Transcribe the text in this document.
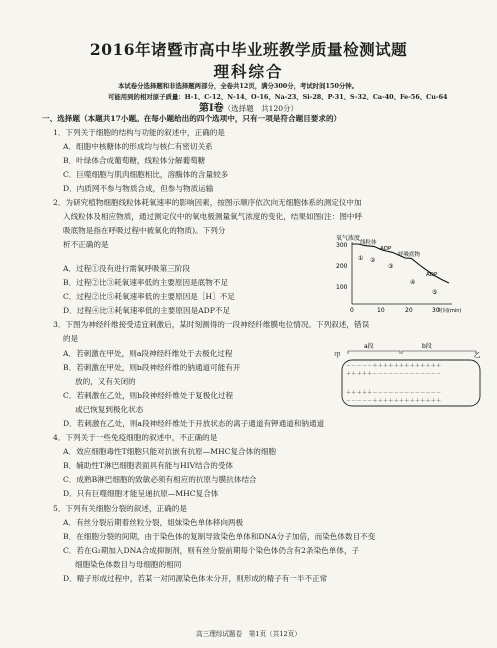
2016年诸暨市高中毕业班教学质量检测试题
理科综合
本试卷分选择题和非选择题两部分，全卷共12页，满分300分，考试时间150分钟。
可能用到的相对原子质量：H-1、C-12、N-14、O-16、Na-23、Si-28、P-31、S-32、Ca-40、Fe-56、Cu-64
第Ⅰ卷（选择题　共120分）
一、选择题（本题共17小题。在每小题给出的四个选项中，只有一项是符合题目要求的）
1．下列关于细胞的结构与功能的叙述中，正确的是
A．组胞中核糖体的形成均与核仁有密切关系
B．叶绿体合成葡萄糖，线粒体分解葡萄糖
C．巨噬细胞与肌肉细胞相比，溶酶体的含量较多
D．内质网不参与物质合成，但参与物质运输
2．为研究植物细胞线粒体耗氧速率的影响因素，按图示顺序依次向无细胞体系的测定仪中加
入线粒体及相应物质，通过测定仪中的氧电极测量氧气浓度的变化，结果如图(注：图中呼
吸底物是指在呼吸过程中被氧化的物质)。下列分
析不正确的是
A．过程①没有进行需氧呼吸第三阶段
B．过程②比③耗氧速率低的主要原因是底物不足
C．过程②比⑤耗氧速率低的主要原因是［H］不足
D．过程④比③耗氧速率低的主要原因是ADP不足
氧气浓度
300
200
100
0	10	20	30
时间(min)
线粒体
ADP
呼吸底物
ADP
① ②
③
④
⑤
3．下图为神经纤维接受适宜刺激后，某时刻测得的一段神经纤维膜电位情况。下列叙述，错误
的是
A．若刺激在甲处，则a段神经纤维处于去极化过程
B．若刺激在甲处，则b段神经纤维的钠通道可能有开
放的，又有关闭的
C．若刺激在乙处，则b段神经纤维处于复极化过程
或已恢复到极化状态
D．若刺激在乙处，则a段神经纤维处于开放状态的离子通道有钾通道和钠通道
甲	乙
a段	b段
－－－－－＋＋＋＋＋＋＋＋＋＋＋＋＋
＋＋＋＋＋－－－－－－－－－－－－－
＋＋＋＋＋－－－－－－－－－－－－－
－－－－－＋＋＋＋＋＋＋＋＋＋＋＋＋
4．下列关于一些免疫细胞的叙述中，不正确的是
A．效应细胞毒性T细胞只能对抗嵌有抗原—MHC复合体的细胞
B．辅助性T淋巴细胞表面具有能与HIV结合的受体
C．成熟B淋巴细胞的致敏必须有相应的抗原与膜抗体结合
D．只有巨噬细胞才能呈递抗原—MHC复合体
5．下列有关细胞分裂的叙述，正确的是
A．有丝分裂后期着丝粒分裂，姐妹染色单体移向两极
B．在细胞分裂的间期，由于染色体的复制导致染色单体和DNA分子加倍，而染色体数目不变
C．若在G₂期加入DNA合成抑制剂，则有丝分裂前期每个染色体仍含有2条染色单体，子
细胞染色体数目与母细胞的相同
D．精子形成过程中，若某一对同源染色体未分开，则形成的精子有一半不正常
高三理综试题卷　第1页（共12页）
